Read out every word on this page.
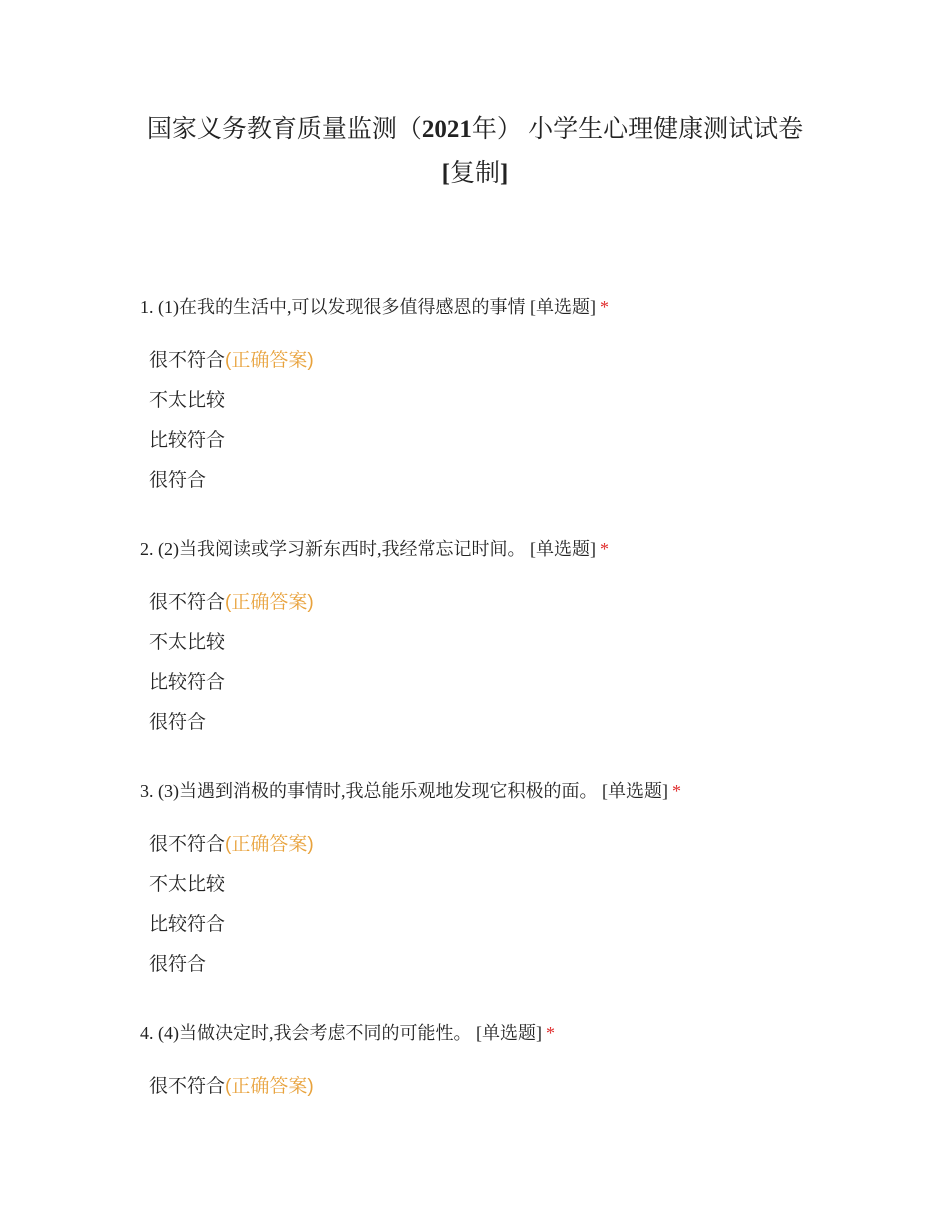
国家义务教育质量监测（2021年） 小学生心理健康测试试卷
[复制]
1. (1)在我的生活中,可以发现很多值得感恩的事情 [单选题] *
很不符合(正确答案)
不太比较
比较符合
很符合
2. (2)当我阅读或学习新东西时,我经常忘记时间。 [单选题] *
很不符合(正确答案)
不太比较
比较符合
很符合
3. (3)当遇到消极的事情时,我总能乐观地发现它积极的面。 [单选题] *
很不符合(正确答案)
不太比较
比较符合
很符合
4. (4)当做决定时,我会考虑不同的可能性。 [单选题] *
很不符合(正确答案)
